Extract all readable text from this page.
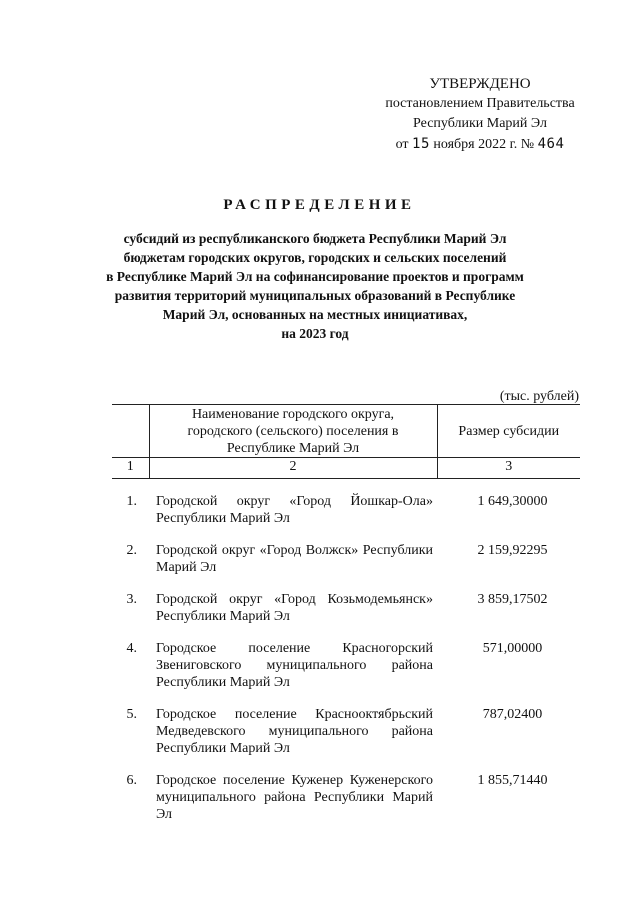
УТВЕРЖДЕНО
постановлением Правительства
Республики Марий Эл
от 15 ноября 2022 г. № 464
РАСПРЕДЕЛЕНИЕ
субсидий из республиканского бюджета Республики Марий Эл
бюджетам городских округов, городских и сельских поселений
в Республике Марий Эл на софинансирование проектов и программ
развития территорий муниципальных образований в Республике
Марий Эл, основанных на местных инициативах,
на 2023 год
(тыс. рублей)
	Наименование городского округа, городского (сельского) поселения в Республике Марий Эл	Размер субсидии
1	2	3

1.	Городской округ «Город Йошкар-Ола» Республики Марий Эл	1 649,30000

2.	Городской округ «Город Волжск» Республики Марий Эл	2 159,92295

3.	Городской округ «Город Козьмодемьянск» Республики Марий Эл	3 859,17502

4.	Городское поселение Красногорский Звениговского муниципального района Республики Марий Эл	571,00000

5.	Городское поселение Краснооктябрьский Медведевского муниципального района Республики Марий Эл	787,02400

6.	Городское поселение Куженер Куженерского муниципального района Республики Марий Эл	1 855,71440
